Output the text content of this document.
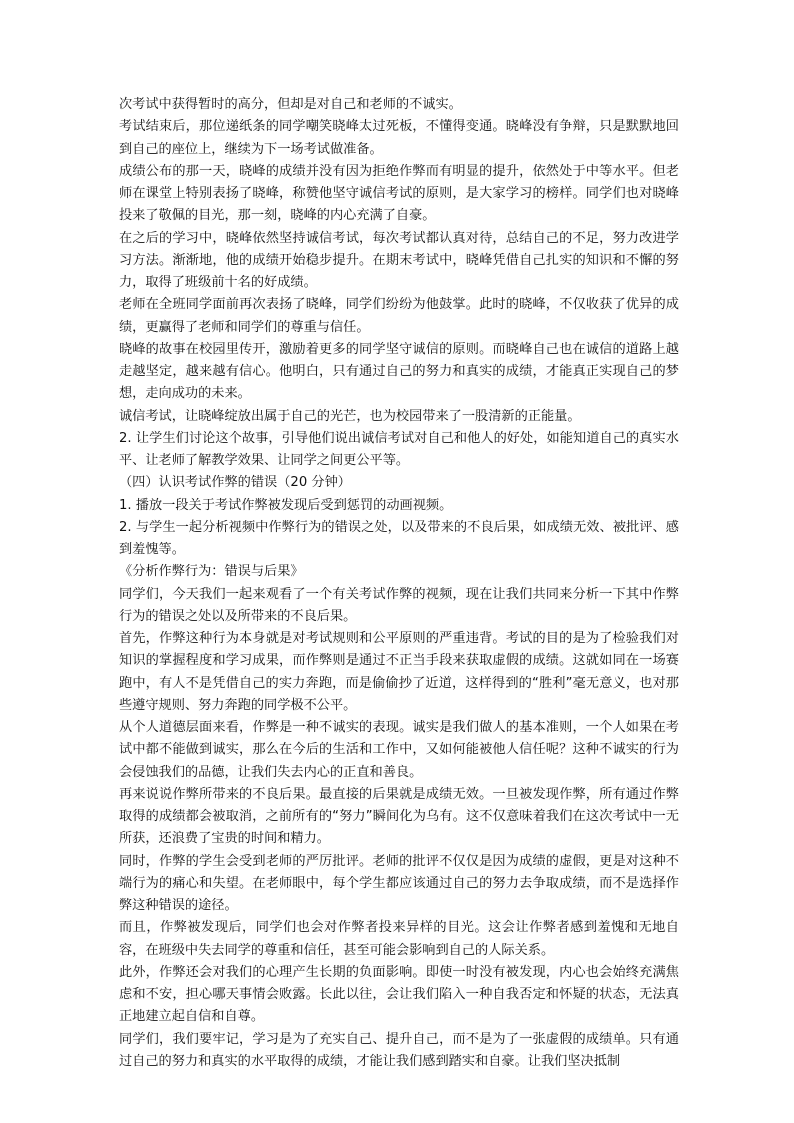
次考试中获得暂时的高分，但却是对自己和老师的不诚实。

考试结束后，那位递纸条的同学嘲笑晓峰太过死板，不懂得变通。晓峰没有争辩，只是默默地回到自己的座位上，继续为下一场考试做准备。

成绩公布的那一天，晓峰的成绩并没有因为拒绝作弊而有明显的提升，依然处于中等水平。但老师在课堂上特别表扬了晓峰，称赞他坚守诚信考试的原则，是大家学习的榜样。同学们也对晓峰投来了敬佩的目光，那一刻，晓峰的内心充满了自豪。

在之后的学习中，晓峰依然坚持诚信考试，每次考试都认真对待，总结自己的不足，努力改进学习方法。渐渐地，他的成绩开始稳步提升。在期末考试中，晓峰凭借自己扎实的知识和不懈的努力，取得了班级前十名的好成绩。

老师在全班同学面前再次表扬了晓峰，同学们纷纷为他鼓掌。此时的晓峰，不仅收获了优异的成绩，更赢得了老师和同学们的尊重与信任。

晓峰的故事在校园里传开，激励着更多的同学坚守诚信的原则。而晓峰自己也在诚信的道路上越走越坚定，越来越有信心。他明白，只有通过自己的努力和真实的成绩，才能真正实现自己的梦想，走向成功的未来。

诚信考试，让晓峰绽放出属于自己的光芒，也为校园带来了一股清新的正能量。

2. 让学生们讨论这个故事，引导他们说出诚信考试对自己和他人的好处，如能知道自己的真实水平、让老师了解教学效果、让同学之间更公平等。

（四）认识考试作弊的错误（20 分钟）

1. 播放一段关于考试作弊被发现后受到惩罚的动画视频。

2. 与学生一起分析视频中作弊行为的错误之处，以及带来的不良后果，如成绩无效、被批评、感到羞愧等。

《分析作弊行为：错误与后果》

同学们，今天我们一起来观看了一个有关考试作弊的视频，现在让我们共同来分析一下其中作弊行为的错误之处以及所带来的不良后果。

首先，作弊这种行为本身就是对考试规则和公平原则的严重违背。考试的目的是为了检验我们对知识的掌握程度和学习成果，而作弊则是通过不正当手段来获取虚假的成绩。这就如同在一场赛跑中，有人不是凭借自己的实力奔跑，而是偷偷抄了近道，这样得到的“胜利”毫无意义，也对那些遵守规则、努力奔跑的同学极不公平。

从个人道德层面来看，作弊是一种不诚实的表现。诚实是我们做人的基本准则，一个人如果在考试中都不能做到诚实，那么在今后的生活和工作中，又如何能被他人信任呢？这种不诚实的行为会侵蚀我们的品德，让我们失去内心的正直和善良。

再来说说作弊所带来的不良后果。最直接的后果就是成绩无效。一旦被发现作弊，所有通过作弊取得的成绩都会被取消，之前所有的“努力”瞬间化为乌有。这不仅意味着我们在这次考试中一无所获，还浪费了宝贵的时间和精力。

同时，作弊的学生会受到老师的严厉批评。老师的批评不仅仅是因为成绩的虚假，更是对这种不端行为的痛心和失望。在老师眼中，每个学生都应该通过自己的努力去争取成绩，而不是选择作弊这种错误的途径。

而且，作弊被发现后，同学们也会对作弊者投来异样的目光。这会让作弊者感到羞愧和无地自容，在班级中失去同学的尊重和信任，甚至可能会影响到自己的人际关系。

此外，作弊还会对我们的心理产生长期的负面影响。即使一时没有被发现，内心也会始终充满焦虑和不安，担心哪天事情会败露。长此以往，会让我们陷入一种自我否定和怀疑的状态，无法真正地建立起自信和自尊。

同学们，我们要牢记，学习是为了充实自己、提升自己，而不是为了一张虚假的成绩单。只有通过自己的努力和真实的水平取得的成绩，才能让我们感到踏实和自豪。让我们坚决抵制
